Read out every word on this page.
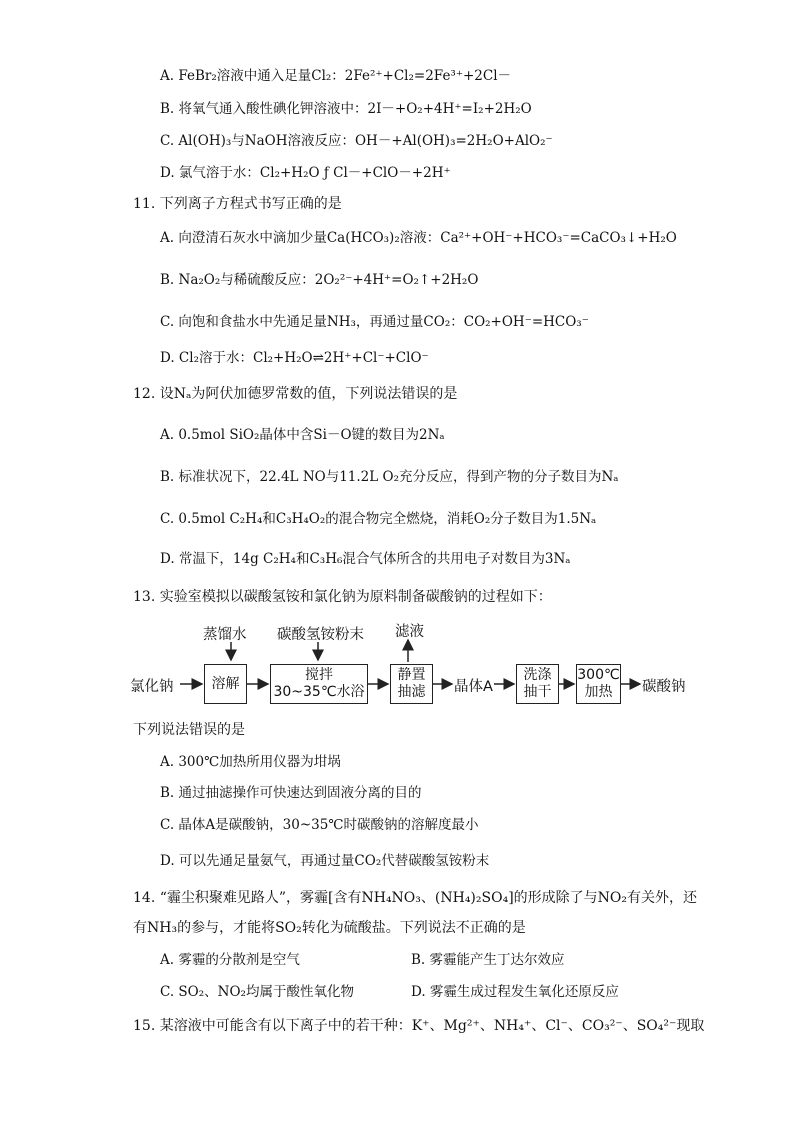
A. FeBr₂溶液中通入足量Cl₂：2Fe²⁺+Cl₂=2Fe³⁺+2Cl－
B. 将氧气通入酸性碘化钾溶液中：2I－+O₂+4H⁺=I₂+2H₂O
C. Al(OH)₃与NaOH溶液反应：OH－+Al(OH)₃=2H₂O+AlO₂⁻
D. 氯气溶于水：Cl₂+H₂O ƒ Cl－+ClO－+2H⁺
11. 下列离子方程式书写正确的是
A. 向澄清石灰水中滴加少量Ca(HCO₃)₂溶液：Ca²⁺+OH⁻+HCO₃⁻=CaCO₃↓+H₂O
B. Na₂O₂与稀硫酸反应：2O₂²⁻+4H⁺=O₂↑+2H₂O
C. 向饱和食盐水中先通足量NH₃，再通过量CO₂：CO₂+OH⁻=HCO₃⁻
D. Cl₂溶于水：Cl₂+H₂O⇌2H⁺+Cl⁻+ClO⁻
12. 设Nₐ为阿伏加德罗常数的值，下列说法错误的是
A. 0.5mol SiO₂晶体中含Si－O键的数目为2Nₐ
B. 标准状况下，22.4L NO与11.2L O₂充分反应，得到产物的分子数目为Nₐ
C. 0.5mol C₂H₄和C₃H₄O₂的混合物完全燃烧，消耗O₂分子数目为1.5Nₐ
D. 常温下，14g C₂H₄和C₃H₆混合气体所含的共用电子对数目为3Nₐ
13. 实验室模拟以碳酸氢铵和氯化钠为原料制备碳酸钠的过程如下：
下列说法错误的是
A. 300℃加热所用仪器为坩埚
B. 通过抽滤操作可快速达到固液分离的目的
C. 晶体A是碳酸钠，30~35℃时碳酸钠的溶解度最小
D. 可以先通足量氨气，再通过量CO₂代替碳酸氢铵粉末
14. “霾尘积聚难见路人”，雾霾[含有NH₄NO₃、(NH₄)₂SO₄]的形成除了与NO₂有关外，还
有NH₃的参与，才能将SO₂转化为硫酸盐。下列说法不正确的是
A. 雾霾的分散剂是空气	B. 雾霾能产生丁达尔效应
C. SO₂、NO₂均属于酸性氧化物	D. 雾霾生成过程发生氧化还原反应
15. 某溶液中可能含有以下离子中的若干种：K⁺、Mg²⁺、NH₄⁺、Cl⁻、CO₃²⁻、SO₄²⁻现取
氯化钠
蒸馏水 碳酸氢铵粉末 滤液
溶解
搅拌
30~35℃水浴
静置
抽滤	晶体A
洗涤
抽干
300℃
加热	碳酸钠
